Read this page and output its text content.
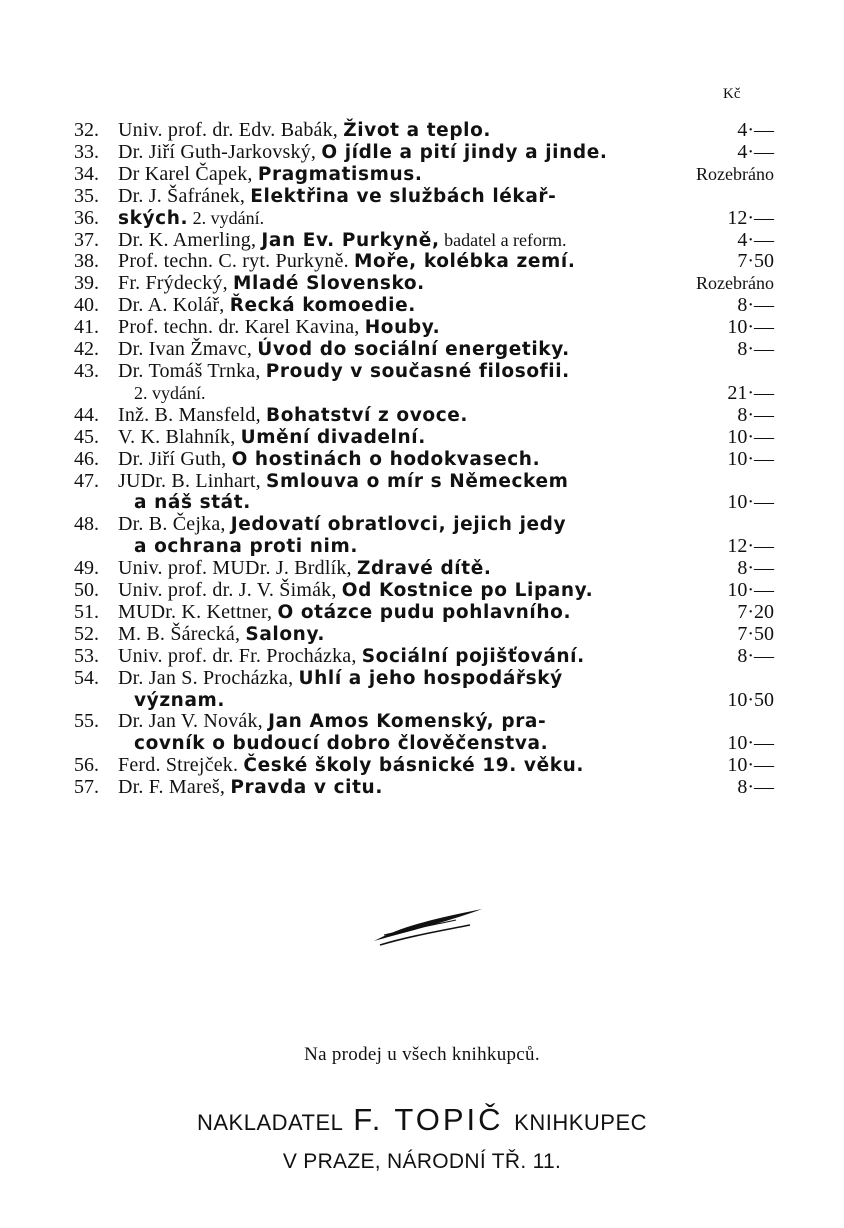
Kč
32. Univ. prof. dr. Edv. Babák, Život a teplo.	4·—
33. Dr. Jiří Guth-Jarkovský, O jídle a pití jindy a jinde.	4·—
34. Dr Karel Čapek, Pragmatismus.	Rozebráno
35. Dr. J. Šafránek, Elektřina ve službách lékař-
36.	ských. 2. vydání.	12·—
37. Dr. K. Amerling, Jan Ev. Purkyně, badatel a reform.	4·—
38. Prof. techn. C. ryt. Purkyně. Moře, kolébka zemí.	7·50
39. Fr. Frýdecký, Mladé Slovensko.	Rozebráno
40. Dr. A. Kolář, Řecká komoedie.	8·—
41. Prof. techn. dr. Karel Kavina, Houby.	10·—
42. Dr. Ivan Žmavc, Úvod do sociální energetiky.	8·—
43. Dr. Tomáš Trnka, Proudy v současné filosofii.
2. vydání.	21·—
44. Inž. B. Mansfeld, Bohatství z ovoce.	8·—
45. V. K. Blahník, Umění divadelní.	10·—
46. Dr. Jiří Guth, O hostinách o hodokvasech.	10·—
47. JUDr. B. Linhart, Smlouva o mír s Německem
a náš stát.	10·—
48. Dr. B. Čejka, Jedovatí obratlovci, jejich jedy
a ochrana proti nim.	12·—
49. Univ. prof. MUDr. J. Brdlík, Zdravé dítě.	8·—
50. Univ. prof. dr. J. V. Šimák, Od Kostnice po Lipany.	10·—
51. MUDr. K. Kettner, O otázce pudu pohlavního.	7·20
52. M. B. Šárecká, Salony.	7·50
53. Univ. prof. dr. Fr. Procházka, Sociální pojišťování.	8·—
54. Dr. Jan S. Procházka, Uhlí a jeho hospodářský
význam.	10·50
55. Dr. Jan V. Novák, Jan Amos Komenský, pra-
covník o budoucí dobro člověčenstva.	10·—
56. Ferd. Strejček. České školy básnické 19. věku.	10·—
57. Dr. F. Mareš, Pravda v citu.	8·—
Na prodej u všech knihkupců.
NAKLADATEL F. TOPIČ KNIHKUPEC
V PRAZE, NÁRODNÍ TŘ. 11.
